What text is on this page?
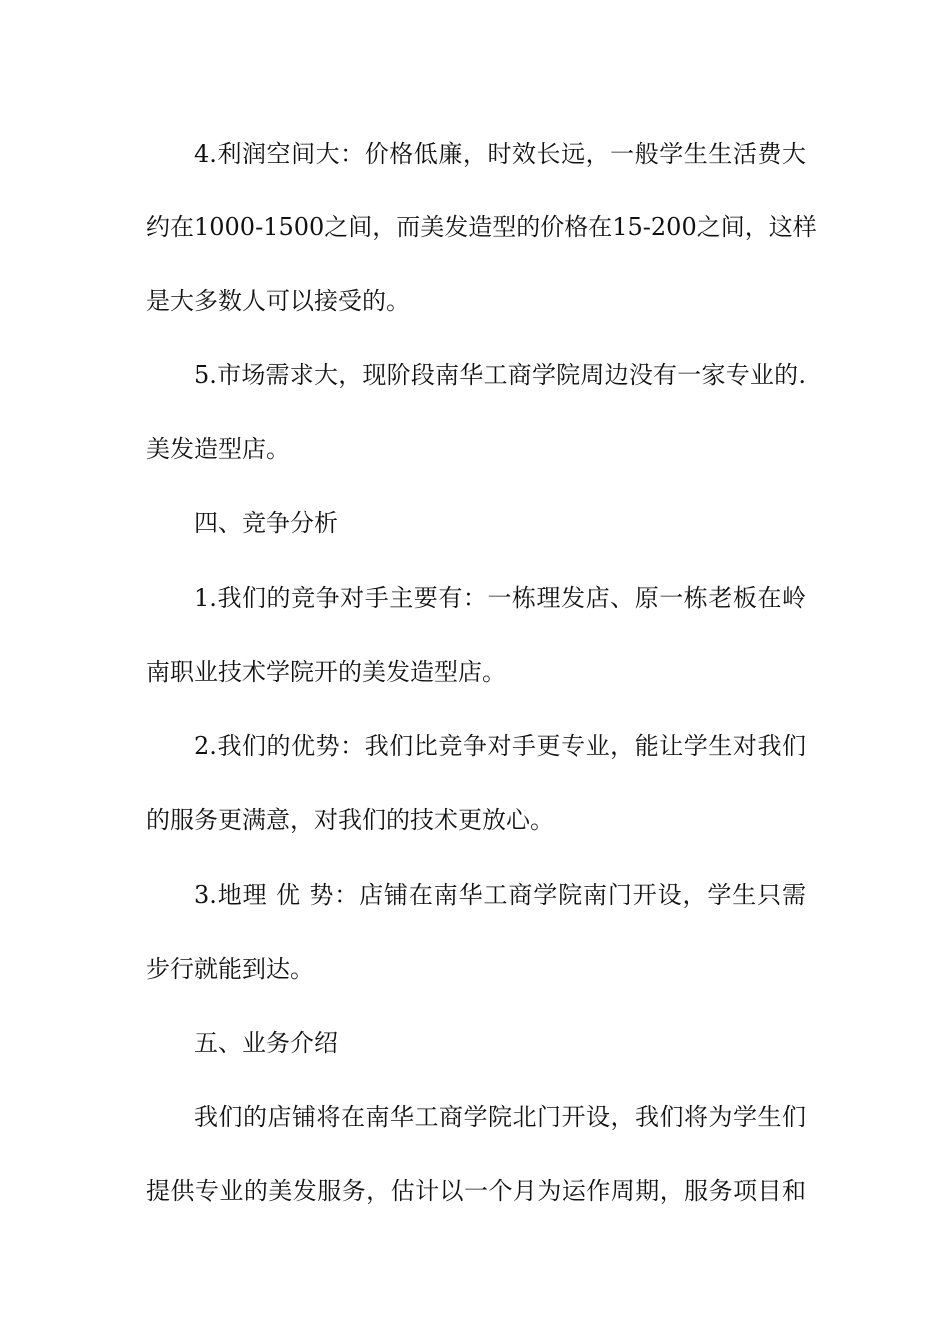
4.利润空间大：价格低廉，时效长远，一般学生生活费大
约在1000-1500之间，而美发造型的价格在15-200之间，这样
是大多数人可以接受的。
5.市场需求大，现阶段南华工商学院周边没有一家专业的.
美发造型店。
四、竞争分析
1.我们的竞争对手主要有：一栋理发店、原一栋老板在岭
南职业技术学院开的美发造型店。
2.我们的优势：我们比竞争对手更专业，能让学生对我们
的服务更满意，对我们的技术更放心。
3.地理 优 势：店铺在南华工商学院南门开设，学生只需
步行就能到达。
五、业务介绍
我们的店铺将在南华工商学院北门开设，我们将为学生们
提供专业的美发服务，估计以一个月为运作周期，服务项目和
